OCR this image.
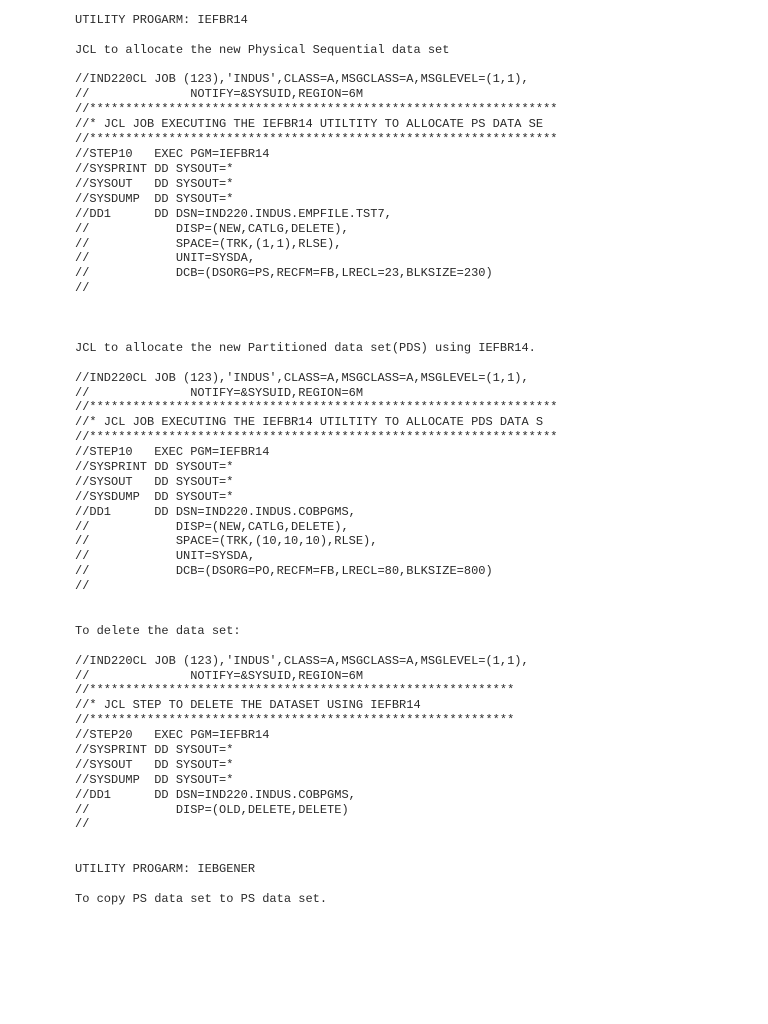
UTILITY PROGARM: IEFBR14

JCL to allocate the new Physical Sequential data set

//IND220CL JOB (123),'INDUS',CLASS=A,MSGCLASS=A,MSGLEVEL=(1,1),

//              NOTIFY=&SYSUID,REGION=6M

//*****************************************************************

//* JCL JOB EXECUTING THE IEFBR14 UTILTITY TO ALLOCATE PS DATA SE

//*****************************************************************

//STEP10   EXEC PGM=IEFBR14

//SYSPRINT DD SYSOUT=*

//SYSOUT   DD SYSOUT=*

//SYSDUMP  DD SYSOUT=*

//DD1      DD DSN=IND220.INDUS.EMPFILE.TST7,

//            DISP=(NEW,CATLG,DELETE),

//            SPACE=(TRK,(1,1),RLSE),

//            UNIT=SYSDA,

//            DCB=(DSORG=PS,RECFM=FB,LRECL=23,BLKSIZE=230)

//

JCL to allocate the new Partitioned data set(PDS) using IEFBR14.

//IND220CL JOB (123),'INDUS',CLASS=A,MSGCLASS=A,MSGLEVEL=(1,1),

//              NOTIFY=&SYSUID,REGION=6M

//*****************************************************************

//* JCL JOB EXECUTING THE IEFBR14 UTILTITY TO ALLOCATE PDS DATA S

//*****************************************************************

//STEP10   EXEC PGM=IEFBR14

//SYSPRINT DD SYSOUT=*

//SYSOUT   DD SYSOUT=*

//SYSDUMP  DD SYSOUT=*

//DD1      DD DSN=IND220.INDUS.COBPGMS,

//            DISP=(NEW,CATLG,DELETE),

//            SPACE=(TRK,(10,10,10),RLSE),

//            UNIT=SYSDA,

//            DCB=(DSORG=PO,RECFM=FB,LRECL=80,BLKSIZE=800)

//

To delete the data set:

//IND220CL JOB (123),'INDUS',CLASS=A,MSGCLASS=A,MSGLEVEL=(1,1),

//              NOTIFY=&SYSUID,REGION=6M

//***********************************************************

//* JCL STEP TO DELETE THE DATASET USING IEFBR14

//***********************************************************

//STEP20   EXEC PGM=IEFBR14

//SYSPRINT DD SYSOUT=*

//SYSOUT   DD SYSOUT=*

//SYSDUMP  DD SYSOUT=*

//DD1      DD DSN=IND220.INDUS.COBPGMS,

//            DISP=(OLD,DELETE,DELETE)

//

UTILITY PROGARM: IEBGENER

To copy PS data set to PS data set.
